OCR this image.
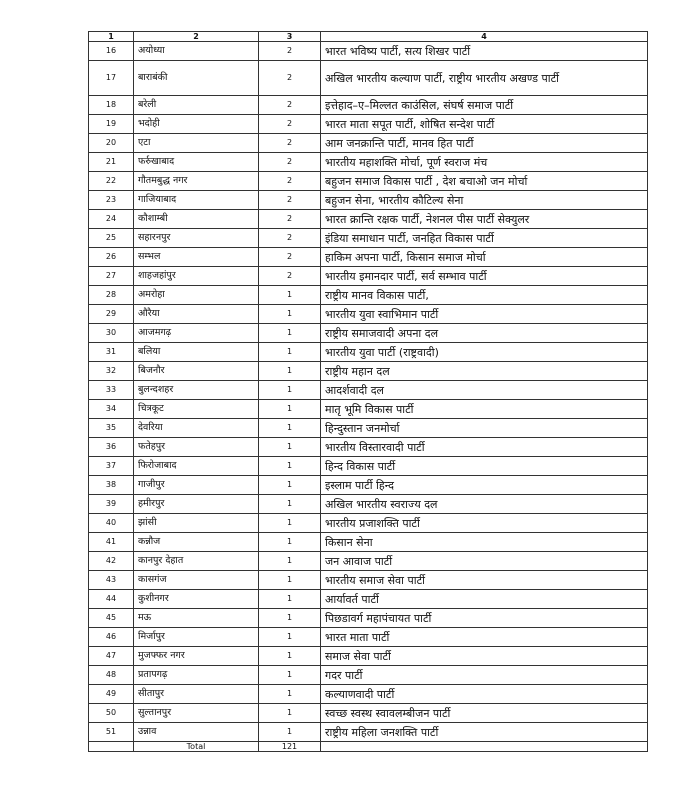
1	2	3	4
16	अयोध्या	2	भारत भविष्य पार्टी, सत्य शिखर पार्टी
17	बाराबंकी	2	अखिल भारतीय कल्याण पार्टी, राष्ट्रीय भारतीय अखण्ड पार्टी
18	बरेली	2	इत्तेहाद–ए–मिल्लत काउंसिल, संघर्ष समाज पार्टी
19	भदोही	2	भारत माता सपूत पार्टी, शोषित सन्देश पार्टी
20	एटा	2	आम जनक्रान्ति पार्टी, मानव हित पार्टी
21	फर्रुखाबाद	2	भारतीय महाशक्ति मोर्चा, पूर्ण स्वराज मंच
22	गौतमबुद्ध नगर	2	बहुजन समाज विकास पार्टी , देश बचाओ जन मोर्चा
23	गाजियाबाद	2	बहुजन सेना, भारतीय कौटिल्य सेना
24	कौशाम्बी	2	भारत क्रान्ति रक्षक पार्टी, नेशनल पीस पार्टी सेक्युलर
25	सहारनपुर	2	इंडिया समाधान पार्टी, जनहित विकास पार्टी
26	सम्भल	2	हाकिम अपना पार्टी, किसान समाज मोर्चा
27	शाहजहांपुर	2	भारतीय इमानदार पार्टी, सर्व सम्भाव पार्टी
28	अमरोहा	1	राष्ट्रीय मानव विकास पार्टी,
29	औरैया	1	भारतीय युवा स्वाभिमान पार्टी
30	आजमगढ़	1	राष्ट्रीय समाजवादी अपना दल
31	बलिया	1	भारतीय युवा पार्टी (राष्ट्रवादी)
32	बिजनौर	1	राष्ट्रीय महान दल
33	बुलन्दशहर	1	आदर्शवादी दल
34	चित्रकूट	1	मातृ भूमि विकास पार्टी
35	देवरिया	1	हिन्दुस्तान जनमोर्चा
36	फतेहपुर	1	भारतीय विस्तारवादी पार्टी
37	फिरोजाबाद	1	हिन्द विकास पार्टी
38	गाजीपुर	1	इस्लाम पार्टी हिन्द
39	हमीरपुर	1	अखिल भारतीय स्वराज्य दल
40	झांसी	1	भारतीय प्रजाशक्ति पार्टी
41	कन्नौज	1	किसान सेना
42	कानपुर देहात	1	जन आवाज पार्टी
43	कासगंज	1	भारतीय समाज सेवा पार्टी
44	कुशीनगर	1	आर्यावर्त पार्टी
45	मऊ	1	पिछडावर्ग महापंचायत पार्टी
46	मिर्जापुर	1	भारत माता पार्टी
47	मुजफ्फर नगर	1	समाज सेवा पार्टी
48	प्रतापगढ़	1	गदर पार्टी
49	सीतापुर	1	कल्याणवादी पार्टी
50	सुल्तानपुर	1	स्वच्छ स्वस्थ स्वावलम्बीजन पार्टी
51	उन्नाव	1	राष्ट्रीय महिला जनशक्ति पार्टी
	Total	121	
